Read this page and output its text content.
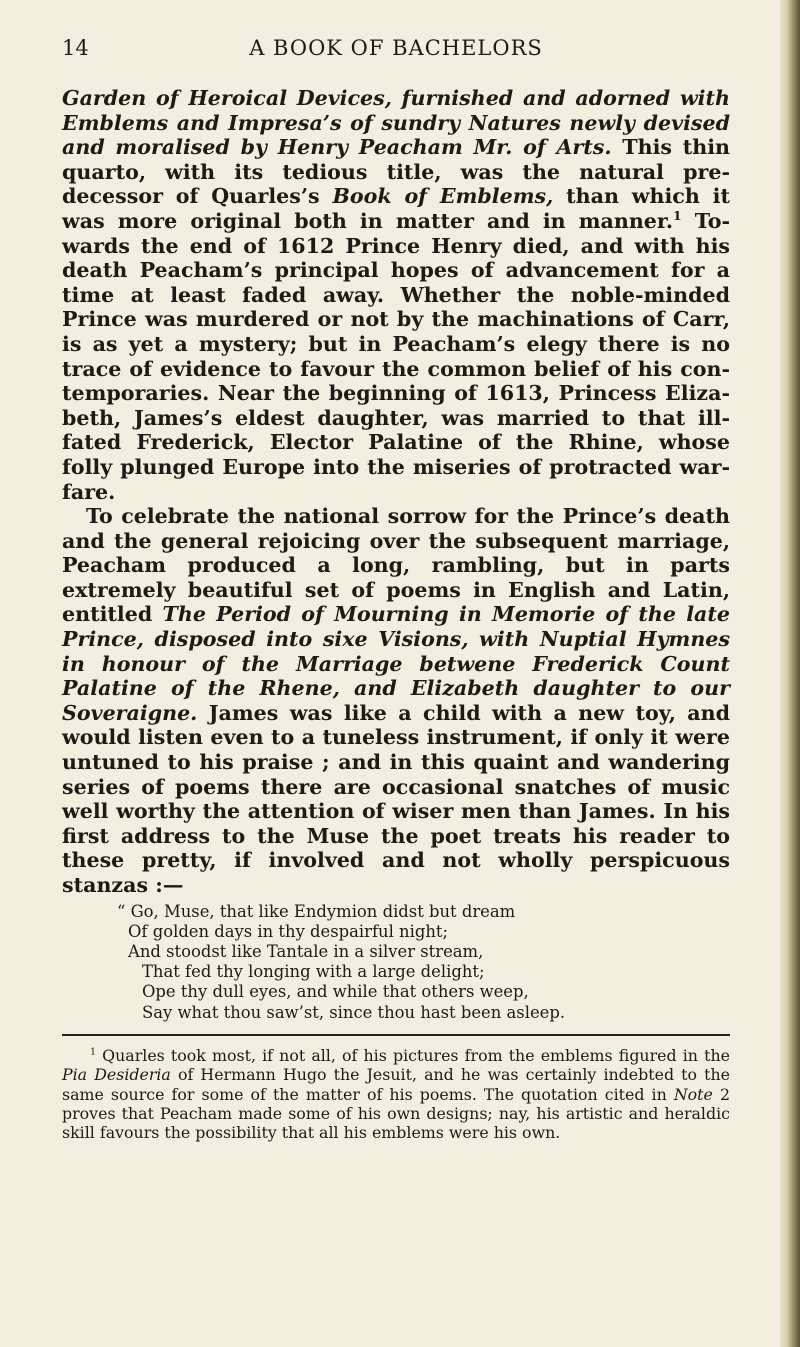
14	A BOOK OF BACHELORS

Garden of Heroical Devices, furnished and adorned with Emblems and Impresa’s of sundry Natures newly devised and moralised by Henry Peacham Mr. of Arts. This thin quarto, with its tedious title, was the natural pre-decessor of Quarles’s Book of Emblems, than which it was more original both in matter and in manner.$^1$ To-wards the end of 1612 Prince Henry died, and with his death Peacham’s principal hopes of advancement for a time at least faded away. Whether the noble-minded Prince was murdered or not by the machinations of Carr, is as yet a mystery; but in Peacham’s elegy there is no trace of evidence to favour the common belief of his con-temporaries. Near the beginning of 1613, Princess Eliza-beth, James’s eldest daughter, was married to that ill-fated Frederick, Elector Palatine of the Rhine, whose folly plunged Europe into the miseries of protracted war-fare.

To celebrate the national sorrow for the Prince’s death and the general rejoicing over the subsequent marriage, Peacham produced a long, rambling, but in parts extremely beautiful set of poems in English and Latin, entitled The Period of Mourning in Memorie of the late Prince, disposed into sixe Visions, with Nuptial Hymnes in honour of the Marriage betwene Frederick Count Palatine of the Rhene, and Elizabeth daughter to our Soveraigne. James was like a child with a new toy, and would listen even to a tuneless instrument, if only it were untuned to his praise ; and in this quaint and wandering series of poems there are occasional snatches of music well worthy the attention of wiser men than James. In his first address to the Muse the poet treats his reader to these pretty, if involved and not wholly perspicuous stanzas :—

“ Go, Muse, that like Endymion didst but dream
Of golden days in thy despairful night;
And stoodst like Tantale in a silver stream,
That fed thy longing with a large delight;
Ope thy dull eyes, and while that others weep,
Say what thou saw’st, since thou hast been asleep.

$^1$ Quarles took most, if not all, of his pictures from the emblems figured in the Pia Desideria of Hermann Hugo the Jesuit, and he was certainly indebted to the same source for some of the matter of his poems. The quotation cited in Note 2 proves that Peacham made some of his own designs; nay, his artistic and heraldic skill favours the possibility that all his emblems were his own.
